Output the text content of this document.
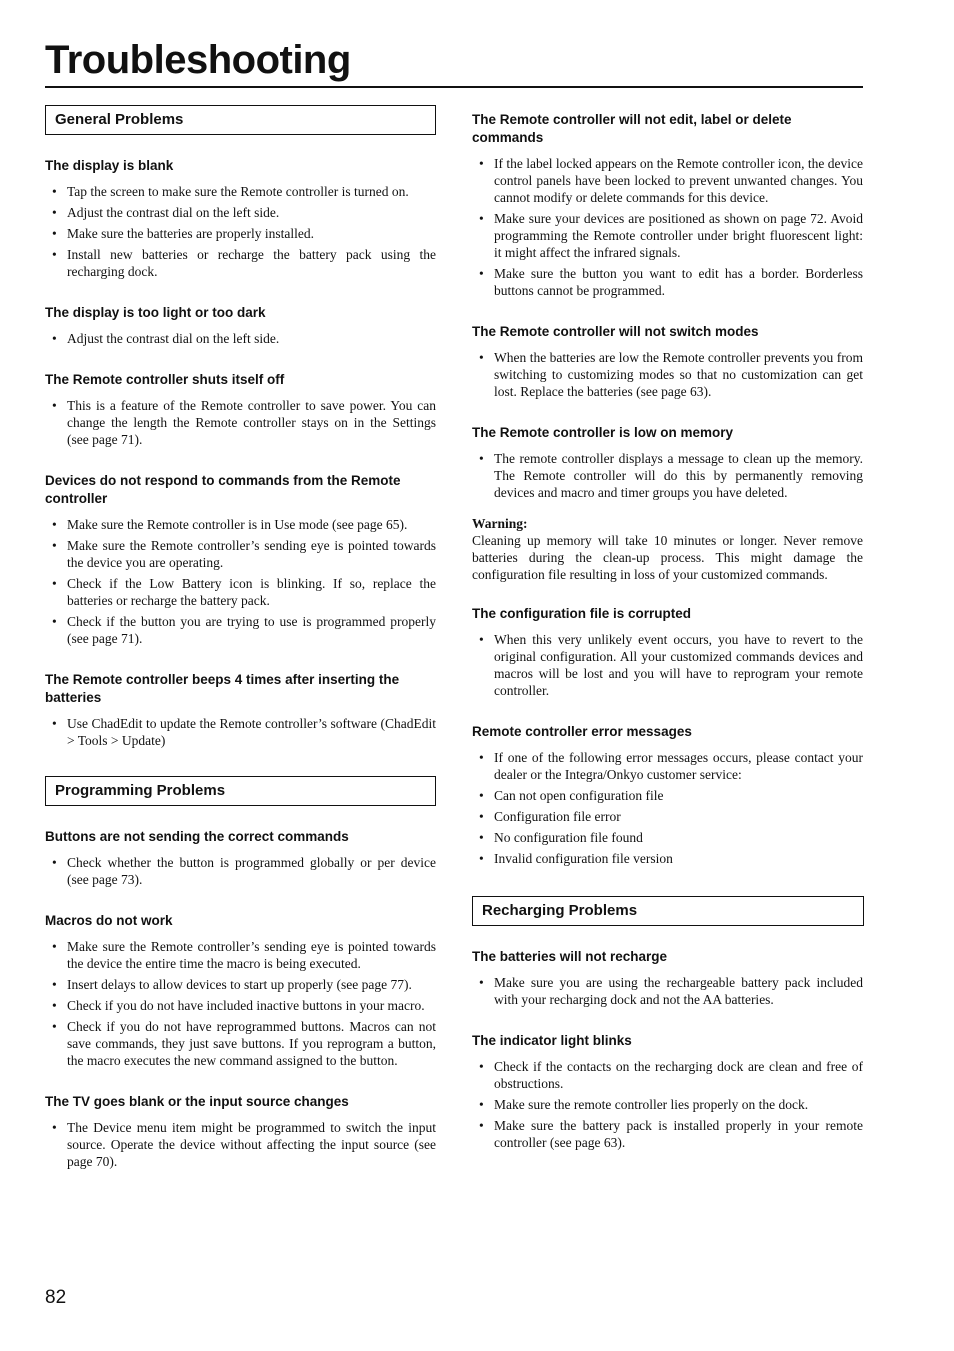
Troubleshooting
General Problems
The display is blank
• Tap the screen to make sure the Remote controller is turned on.
• Adjust the contrast dial on the left side.
• Make sure the batteries are properly installed.
• Install new batteries or recharge the battery pack using the recharging dock.
The display is too light or too dark
• Adjust the contrast dial on the left side.
The Remote controller shuts itself off
• This is a feature of the Remote controller to save power. You can change the length the Remote controller stays on in the Settings (see page 71).
Devices do not respond to commands from the Remote controller
• Make sure the Remote controller is in Use mode (see page 65).
• Make sure the Remote controller’s sending eye is pointed towards the device you are operating.
• Check if the Low Battery icon is blinking. If so, replace the batteries or recharge the battery pack.
• Check if the button you are trying to use is programmed properly (see page 71).
The Remote controller beeps 4 times after inserting the batteries
• Use ChadEdit to update the Remote controller’s software (ChadEdit > Tools > Update)
Programming Problems
Buttons are not sending the correct commands
• Check whether the button is programmed globally or per device (see page 73).
Macros do not work
• Make sure the Remote controller’s sending eye is pointed towards the device the entire time the macro is being executed.
• Insert delays to allow devices to start up properly (see page 77).
• Check if you do not have included inactive buttons in your macro.
• Check if you do not have reprogrammed buttons. Macros can not save commands, they just save buttons. If you reprogram a button, the macro executes the new command assigned to the button.
The TV goes blank or the input source changes
• The Device menu item might be programmed to switch the input source. Operate the device without affecting the input source (see page 70).
The Remote controller will not edit, label or delete commands
• If the label locked appears on the Remote controller icon, the device control panels have been locked to prevent unwanted changes. You cannot modify or delete commands for this device.
• Make sure your devices are positioned as shown on page 72. Avoid programming the Remote controller under bright fluorescent light: it might affect the infrared signals.
• Make sure the button you want to edit has a border. Borderless buttons cannot be programmed.
The Remote controller will not switch modes
• When the batteries are low the Remote controller prevents you from switching to customizing modes so that no customization can get lost. Replace the batteries (see page 63).
The Remote controller is low on memory
• The remote controller displays a message to clean up the memory. The Remote controller will do this by permanently removing devices and macro and timer groups you have deleted.
Warning:
Cleaning up memory will take 10 minutes or longer. Never remove batteries during the clean-up process. This might damage the configuration file resulting in loss of your customized commands.
The configuration file is corrupted
• When this very unlikely event occurs, you have to revert to the original configuration. All your customized commands devices and macros will be lost and you will have to reprogram your remote controller.
Remote controller error messages
• If one of the following error messages occurs, please contact your dealer or the Integra/Onkyo customer service:
• Can not open configuration file
• Configuration file error
• No configuration file found
• Invalid configuration file version
Recharging Problems
The batteries will not recharge
• Make sure you are using the rechargeable battery pack included with your recharging dock and not the AA batteries.
The indicator light blinks
• Check if the contacts on the recharging dock are clean and free of obstructions.
• Make sure the remote controller lies properly on the dock.
• Make sure the battery pack is installed properly in your remote controller (see page 63).
82
